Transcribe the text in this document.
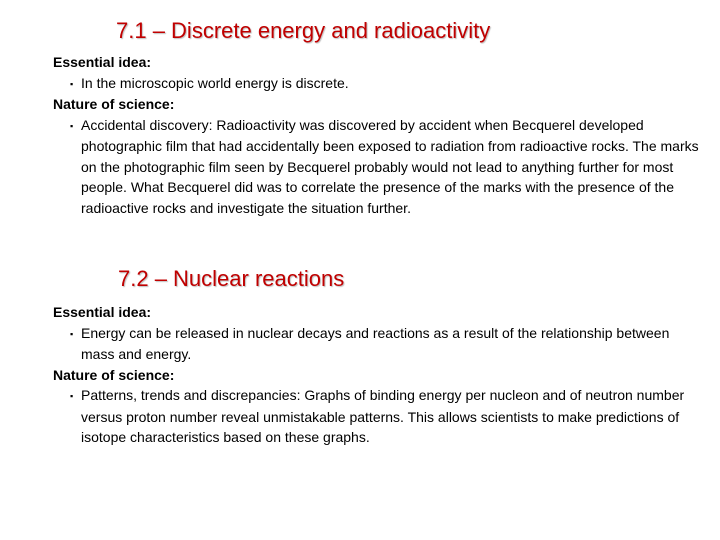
7.1 – Discrete energy and radioactivity
Essential idea:
▪ In the microscopic world energy is discrete.
Nature of science:
▪ Accidental discovery: Radioactivity was discovered by accident when Becquerel developed photographic film that had accidentally been exposed to radiation from radioactive rocks. The marks on the photographic film seen by Becquerel probably would not lead to anything further for most people. What Becquerel did was to correlate the presence of the marks with the presence of the radioactive rocks and investigate the situation further.
7.2 – Nuclear reactions
Essential idea:
▪ Energy can be released in nuclear decays and reactions as a result of the relationship between mass and energy.
Nature of science:
▪ Patterns, trends and discrepancies: Graphs of binding energy per nucleon and of neutron number versus proton number reveal unmistakable patterns. This allows scientists to make predictions of isotope characteristics based on these graphs.
